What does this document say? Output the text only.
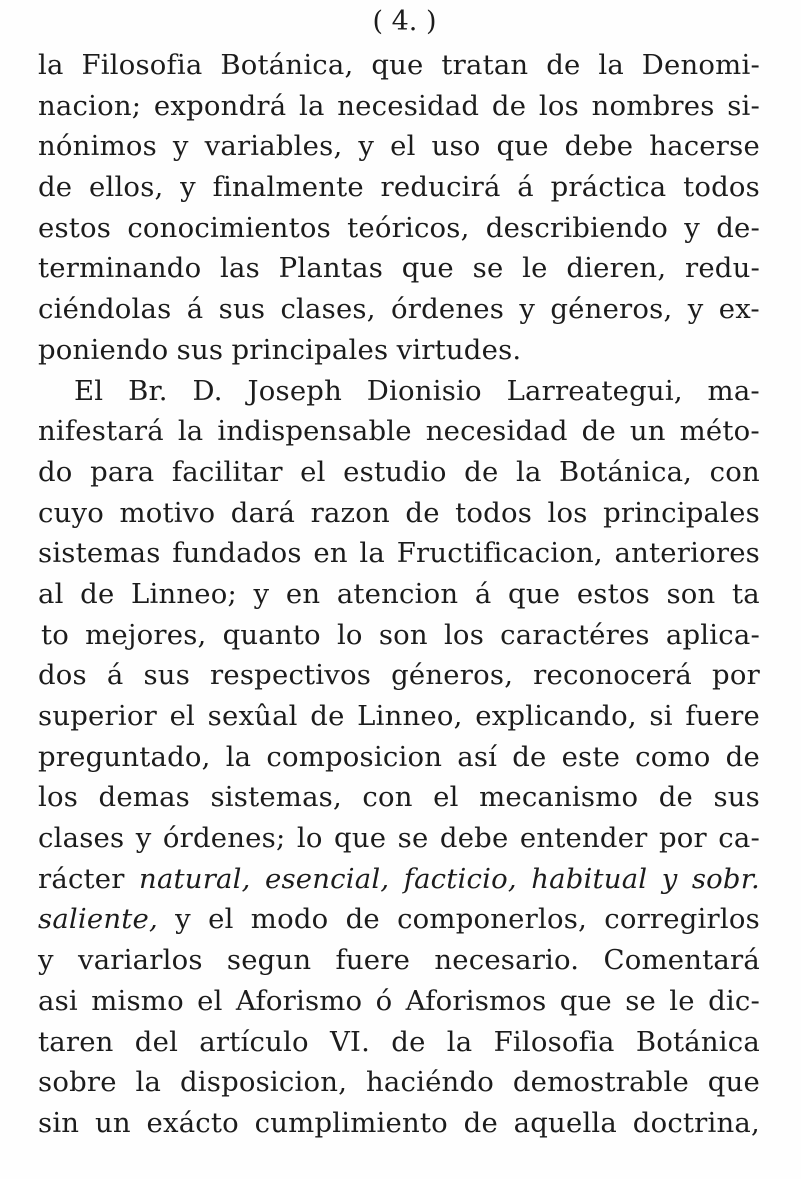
( 4. )
la Filosofia Botánica, que tratan de la Denomi-
nacion; expondrá la necesidad de los nombres si-
nónimos y variables, y el uso que debe hacerse
de ellos, y finalmente reducirá á práctica todos
estos conocimientos teóricos, describiendo y de-
terminando las Plantas que se le dieren, redu-
ciéndolas á sus clases, órdenes y géneros, y ex-
poniendo sus principales virtudes.
El Br. D. Joseph Dionisio Larreategui, ma-
nifestará la indispensable necesidad de un méto-
do para facilitar el estudio de la Botánica, con
cuyo motivo dará razon de todos los principales
sistemas fundados en la Fructificacion, anteriores
al de Linneo; y en atencion á que estos son ta
to mejores, quanto lo son los caractéres aplica-
dos á sus respectivos géneros, reconocerá por
superior el sexûal de Linneo, explicando, si fuere
preguntado, la composicion así de este como de
los demas sistemas, con el mecanismo de sus
clases y órdenes; lo que se debe entender por ca-
rácter natural, esencial, facticio, habitual y sobr.
saliente, y el modo de componerlos, corregirlos
y variarlos segun fuere necesario. Comentará
asi mismo el Aforismo ó Aforismos que se le dic-
taren del artículo VI. de la Filosofia Botánica
sobre la disposicion, haciéndo demostrable que
sin un exácto cumplimiento de aquella doctrina,
